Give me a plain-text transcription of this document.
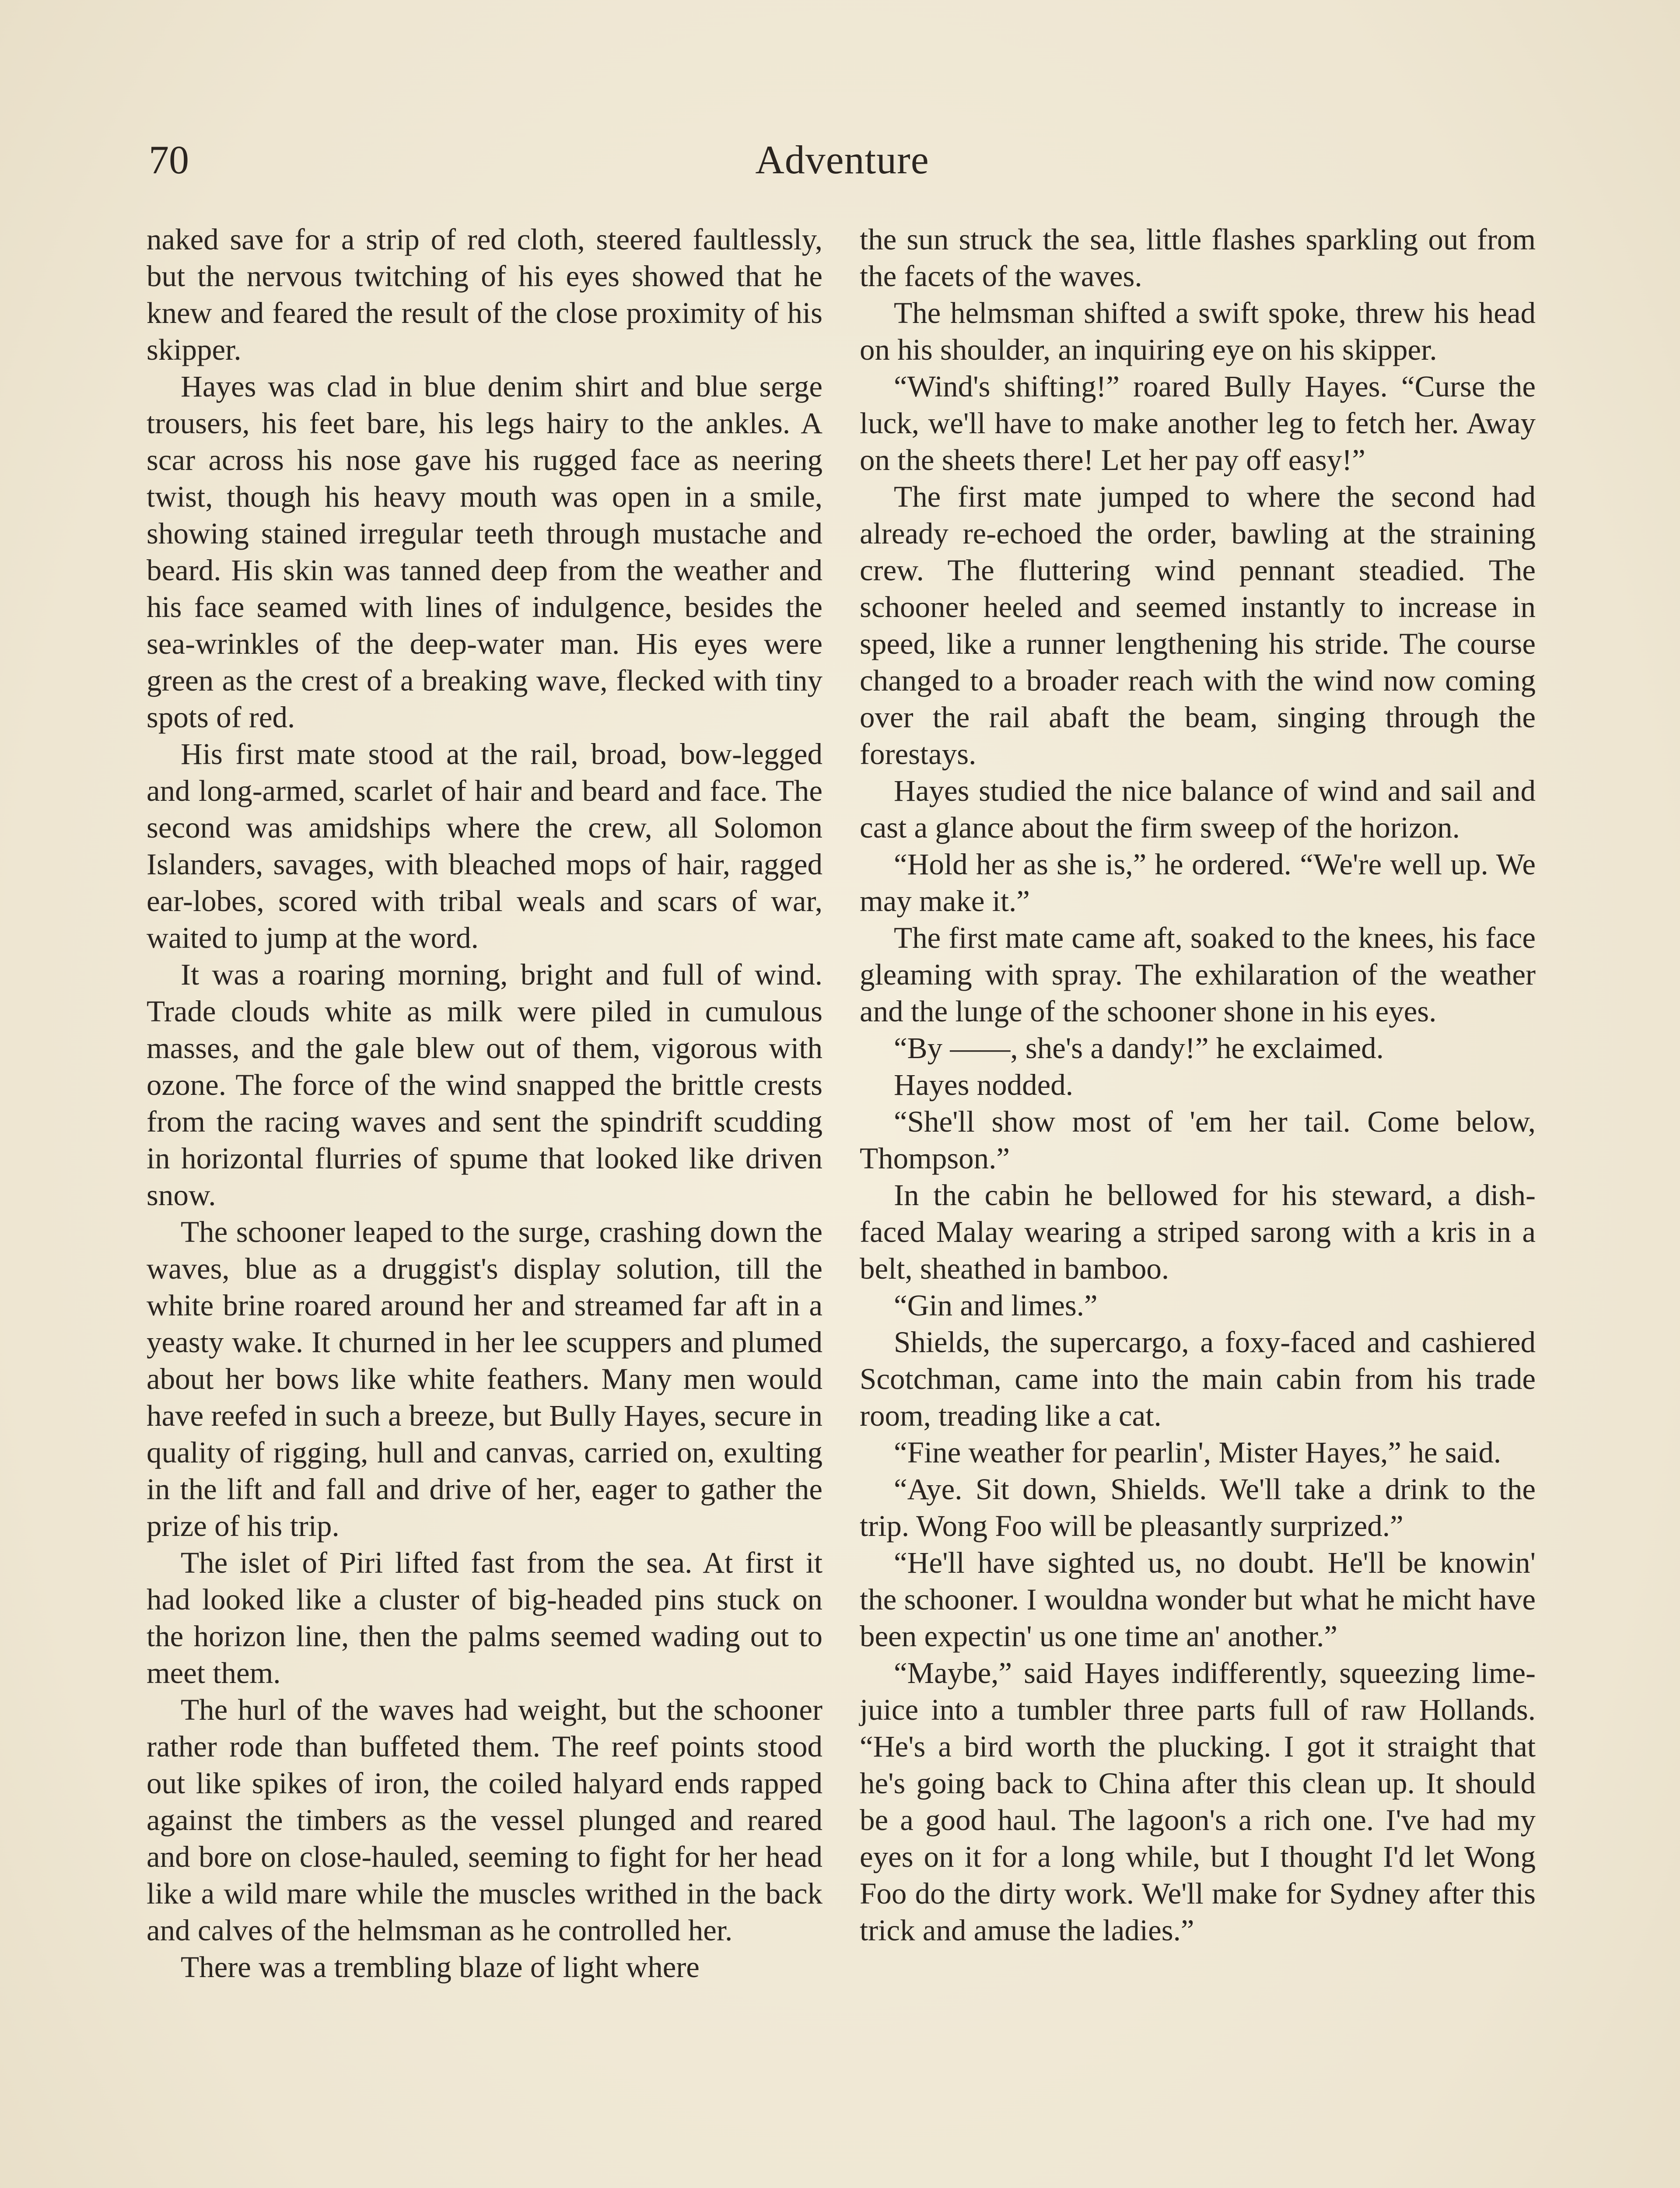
70	Adventure

naked save for a strip of red cloth, steered faultlessly, but the nervous twitching of his eyes showed that he knew and feared the result of the close proximity of his skipper.

Hayes was clad in blue denim shirt and blue serge trousers, his feet bare, his legs hairy to the ankles. A scar across his nose gave his rugged face as neering twist, though his heavy mouth was open in a smile, showing stained irregular teeth through mustache and beard. His skin was tanned deep from the weather and his face seamed with lines of indulgence, besides the sea-wrinkles of the deep-water man. His eyes were green as the crest of a breaking wave, flecked with tiny spots of red.

His first mate stood at the rail, broad, bow-legged and long-armed, scarlet of hair and beard and face. The second was amidships where the crew, all Solomon Islanders, savages, with bleached mops of hair, ragged ear-lobes, scored with tribal weals and scars of war, waited to jump at the word.

It was a roaring morning, bright and full of wind. Trade clouds white as milk were piled in cumulous masses, and the gale blew out of them, vigorous with ozone. The force of the wind snapped the brittle crests from the racing waves and sent the spindrift scudding in horizontal flurries of spume that looked like driven snow.

The schooner leaped to the surge, crashing down the waves, blue as a druggist's display solution, till the white brine roared around her and streamed far aft in a yeasty wake. It churned in her lee scuppers and plumed about her bows like white feathers. Many men would have reefed in such a breeze, but Bully Hayes, secure in quality of rigging, hull and canvas, carried on, exulting in the lift and fall and drive of her, eager to gather the prize of his trip.

The islet of Piri lifted fast from the sea. At first it had looked like a cluster of big-headed pins stuck on the horizon line, then the palms seemed wading out to meet them.

The hurl of the waves had weight, but the schooner rather rode than buffeted them. The reef points stood out like spikes of iron, the coiled halyard ends rapped against the timbers as the vessel plunged and reared and bore on close-hauled, seeming to fight for her head like a wild mare while the muscles writhed in the back and calves of the helmsman as he controlled her.

There was a trembling blaze of light where

the sun struck the sea, little flashes sparkling out from the facets of the waves.

The helmsman shifted a swift spoke, threw his head on his shoulder, an inquiring eye on his skipper.

“Wind's shifting!” roared Bully Hayes. “Curse the luck, we'll have to make another leg to fetch her. Away on the sheets there! Let her pay off easy!”

The first mate jumped to where the second had already re-echoed the order, bawling at the straining crew. The fluttering wind pennant steadied. The schooner heeled and seemed instantly to increase in speed, like a runner lengthening his stride. The course changed to a broader reach with the wind now coming over the rail abaft the beam, singing through the forestays.

Hayes studied the nice balance of wind and sail and cast a glance about the firm sweep of the horizon.

“Hold her as she is,” he ordered. “We're well up. We may make it.”

The first mate came aft, soaked to the knees, his face gleaming with spray. The exhilaration of the weather and the lunge of the schooner shone in his eyes.

“By ——, she's a dandy!” he exclaimed.

Hayes nodded.

“She'll show most of 'em her tail. Come below, Thompson.”

In the cabin he bellowed for his steward, a dish-faced Malay wearing a striped sarong with a kris in a belt, sheathed in bamboo.

“Gin and limes.”

Shields, the supercargo, a foxy-faced and cashiered Scotchman, came into the main cabin from his trade room, treading like a cat.

“Fine weather for pearlin', Mister Hayes,” he said.

“Aye. Sit down, Shields. We'll take a drink to the trip. Wong Foo will be pleasantly surprized.”

“He'll have sighted us, no doubt. He'll be knowin' the schooner. I wouldna wonder but what he micht have been expectin' us one time an' another.”

“Maybe,” said Hayes indifferently, squeezing lime-juice into a tumbler three parts full of raw Hollands. “He's a bird worth the plucking. I got it straight that he's going back to China after this clean up. It should be a good haul. The lagoon's a rich one. I've had my eyes on it for a long while, but I thought I'd let Wong Foo do the dirty work. We'll make for Sydney after this trick and amuse the ladies.”
